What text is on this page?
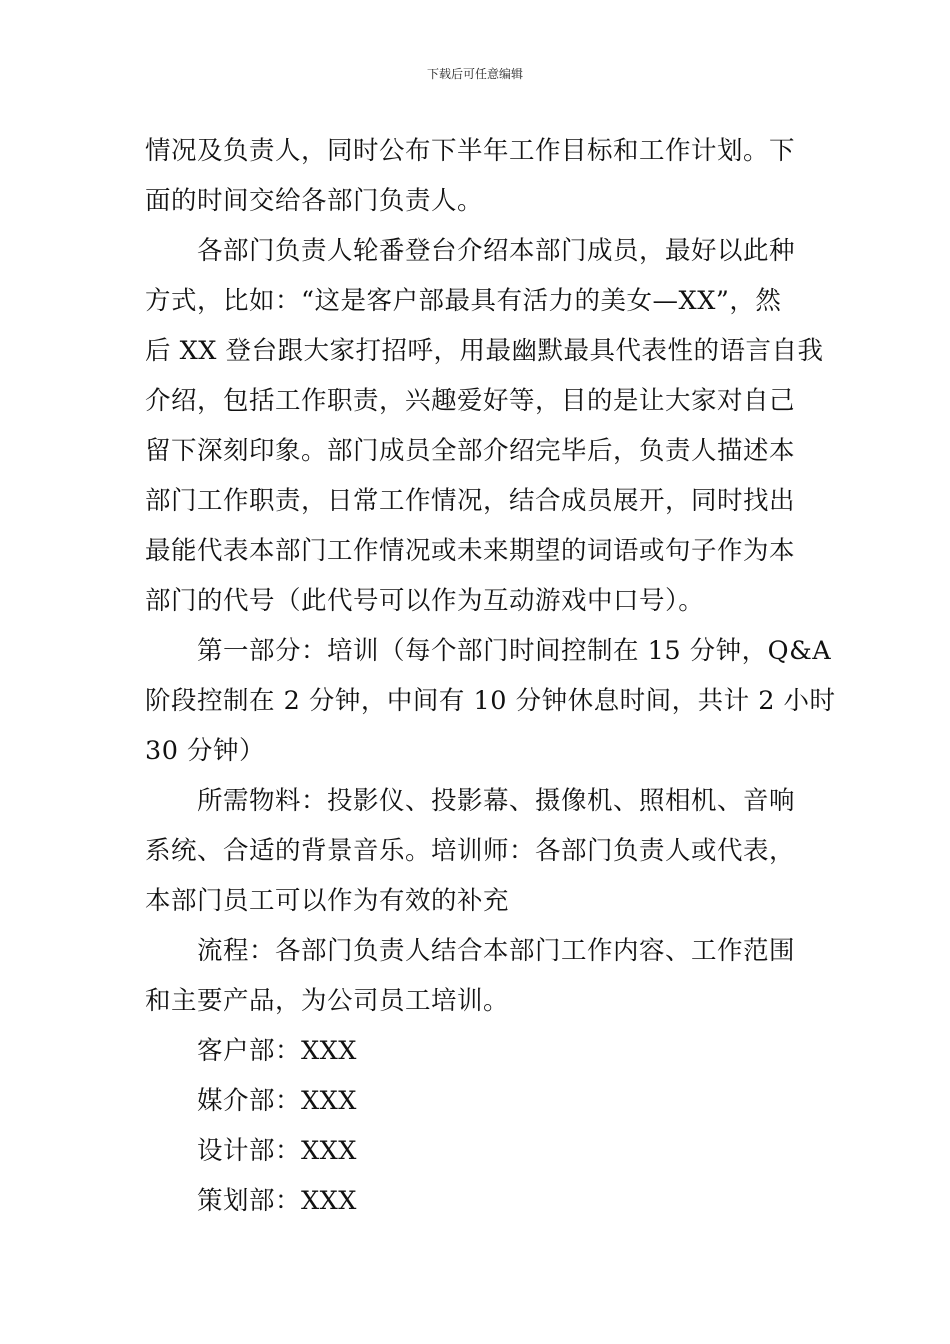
下载后可任意编辑
情况及负责人，同时公布下半年工作目标和工作计划。下
面的时间交给各部门负责人。
各部门负责人轮番登台介绍本部门成员，最好以此种
方式，比如：“这是客户部最具有活力的美女—XX”，然
后 XX 登台跟大家打招呼，用最幽默最具代表性的语言自我
介绍，包括工作职责，兴趣爱好等，目的是让大家对自己
留下深刻印象。部门成员全部介绍完毕后，负责人描述本
部门工作职责，日常工作情况，结合成员展开，同时找出
最能代表本部门工作情况或未来期望的词语或句子作为本
部门的代号（此代号可以作为互动游戏中口号）。
第一部分：培训（每个部门时间控制在 15 分钟，Q&A
阶段控制在 2 分钟，中间有 10 分钟休息时间，共计 2 小时
30 分钟）
所需物料：投影仪、投影幕、摄像机、照相机、音响
系统、合适的背景音乐。培训师：各部门负责人或代表，
本部门员工可以作为有效的补充
流程：各部门负责人结合本部门工作内容、工作范围
和主要产品，为公司员工培训。
客户部：XXX
媒介部：XXX
设计部：XXX
策划部：XXX
